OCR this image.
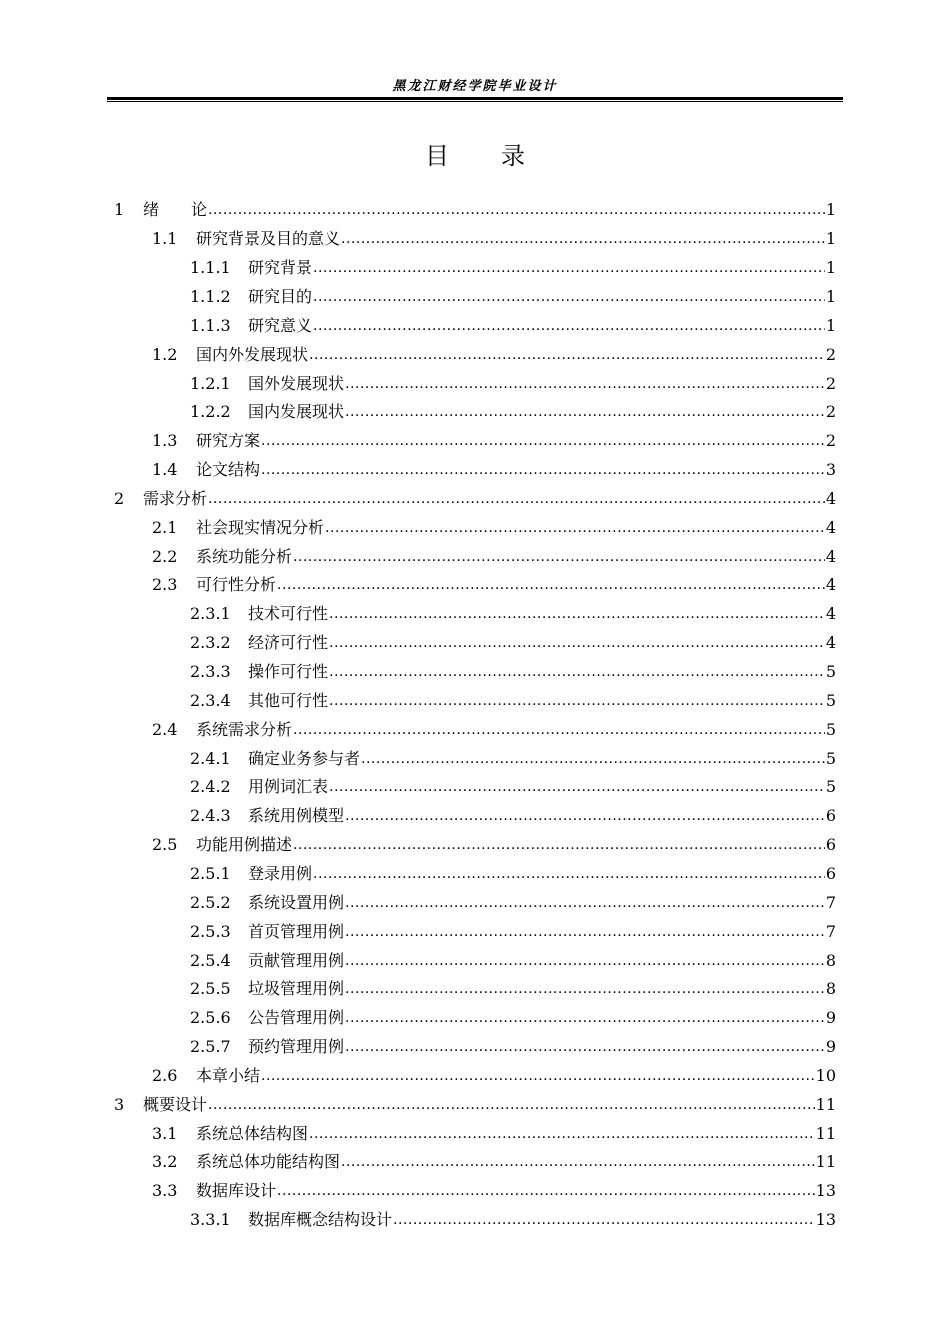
黑龙江财经学院毕业设计
目 录
1	绪　　论 .....	1
1.1	研究背景及目的意义 .....	1
1.1.1	研究背景 .....	1
1.1.2	研究目的 .....	1
1.1.3	研究意义 .....	1
1.2	国内外发展现状 .....	2
1.2.1	国外发展现状 .....	2
1.2.2	国内发展现状 .....	2
1.3	研究方案 .....	2
1.4	论文结构 .....	3
2	需求分析 .....	4
2.1	社会现实情况分析 .....	4
2.2	系统功能分析 .....	4
2.3	可行性分析 .....	4
2.3.1	技术可行性 .....	4
2.3.2	经济可行性 .....	4
2.3.3	操作可行性 .....	5
2.3.4	其他可行性 .....	5
2.4	系统需求分析 .....	5
2.4.1	确定业务参与者 .....	5
2.4.2	用例词汇表 .....	5
2.4.3	系统用例模型 .....	6
2.5	功能用例描述 .....	6
2.5.1	登录用例 .....	6
2.5.2	系统设置用例 .....	7
2.5.3	首页管理用例 .....	7
2.5.4	贡献管理用例 .....	8
2.5.5	垃圾管理用例 .....	8
2.5.6	公告管理用例 .....	9
2.5.7	预约管理用例 .....	9
2.6	本章小结 .....	10
3	概要设计 .....	11
3.1	系统总体结构图 .....	11
3.2	系统总体功能结构图 .....	11
3.3	数据库设计 .....	13
3.3.1	数据库概念结构设计 .....	13
